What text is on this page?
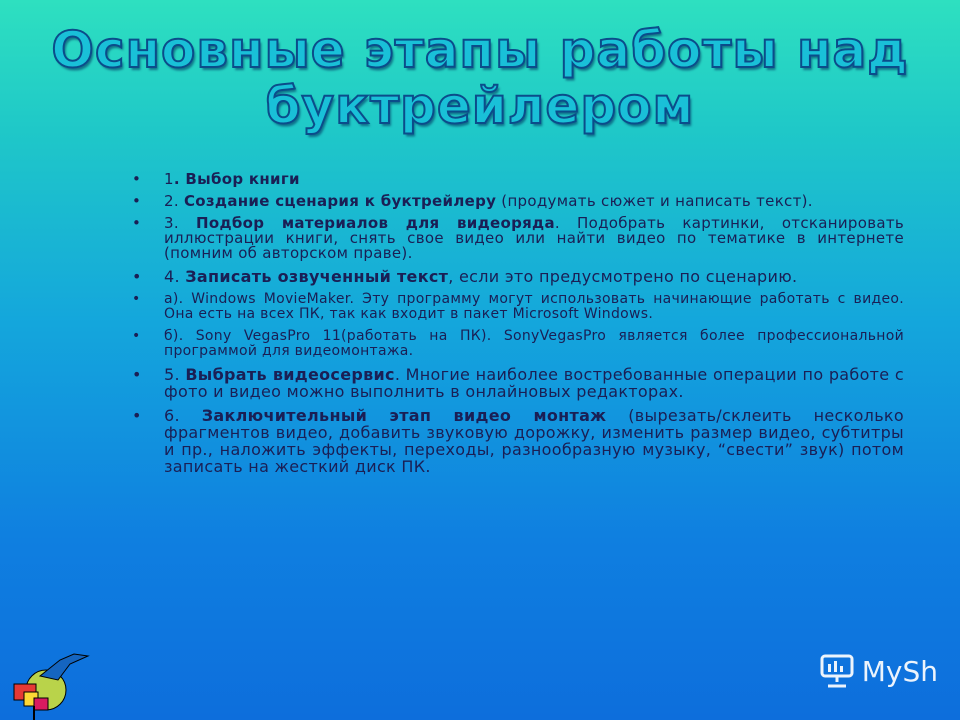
Основные этапы работы над
буктрейлером
• 1. Выбор книги
• 2. Создание сценария к буктрейлеру (продумать сюжет и написать текст).
• 3. Подбор материалов для видеоряда. Подобрать картинки, отсканировать иллюстрации книги, снять свое видео или найти видео по тематике в интернете (помним об авторском праве).
• 4. Записать озвученный текст, если это предусмотрено по сценарию.
• а). Windows MovieMaker. Эту программу могут использовать начинающие работать с видео. Она есть на всех ПК, так как входит в пакет Microsoft Windows.
• б). Sony VegasPro 11(работать на ПК). SonyVegasPro является более профессиональной программой для видеомонтажа.
• 5. Выбрать видеосервис. Многие наиболее востребованные операции по работе с фото и видео можно выполнить в онлайновых редакторах.
• 6. Заключительный этап видео монтаж (вырезать/склеить несколько фрагментов видео, добавить звуковую дорожку, изменить размер видео, субтитры и пр., наложить эффекты, переходы, разнообразную музыку, “свести” звук) потом записать на жесткий диск ПК.
MySh
